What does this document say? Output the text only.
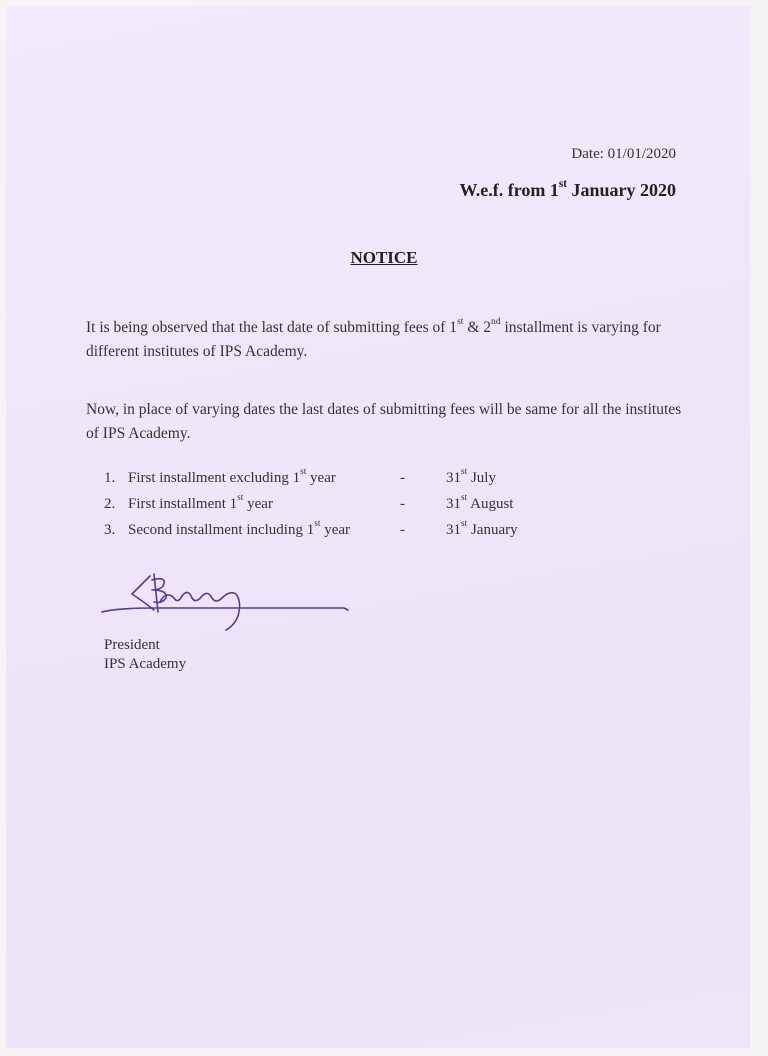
Date: 01/01/2020
W.e.f. from 1st January 2020
NOTICE
It is being observed that the last date of submitting fees of 1st & 2nd installment is varying for different institutes of IPS Academy.
Now, in place of varying dates the last dates of submitting fees will be same for all the institutes of IPS Academy.
1. First installment excluding 1st year	-	31st July
2. First installment 1st year	-	31st August
3. Second installment including 1st year	-	31st January
President
IPS Academy
